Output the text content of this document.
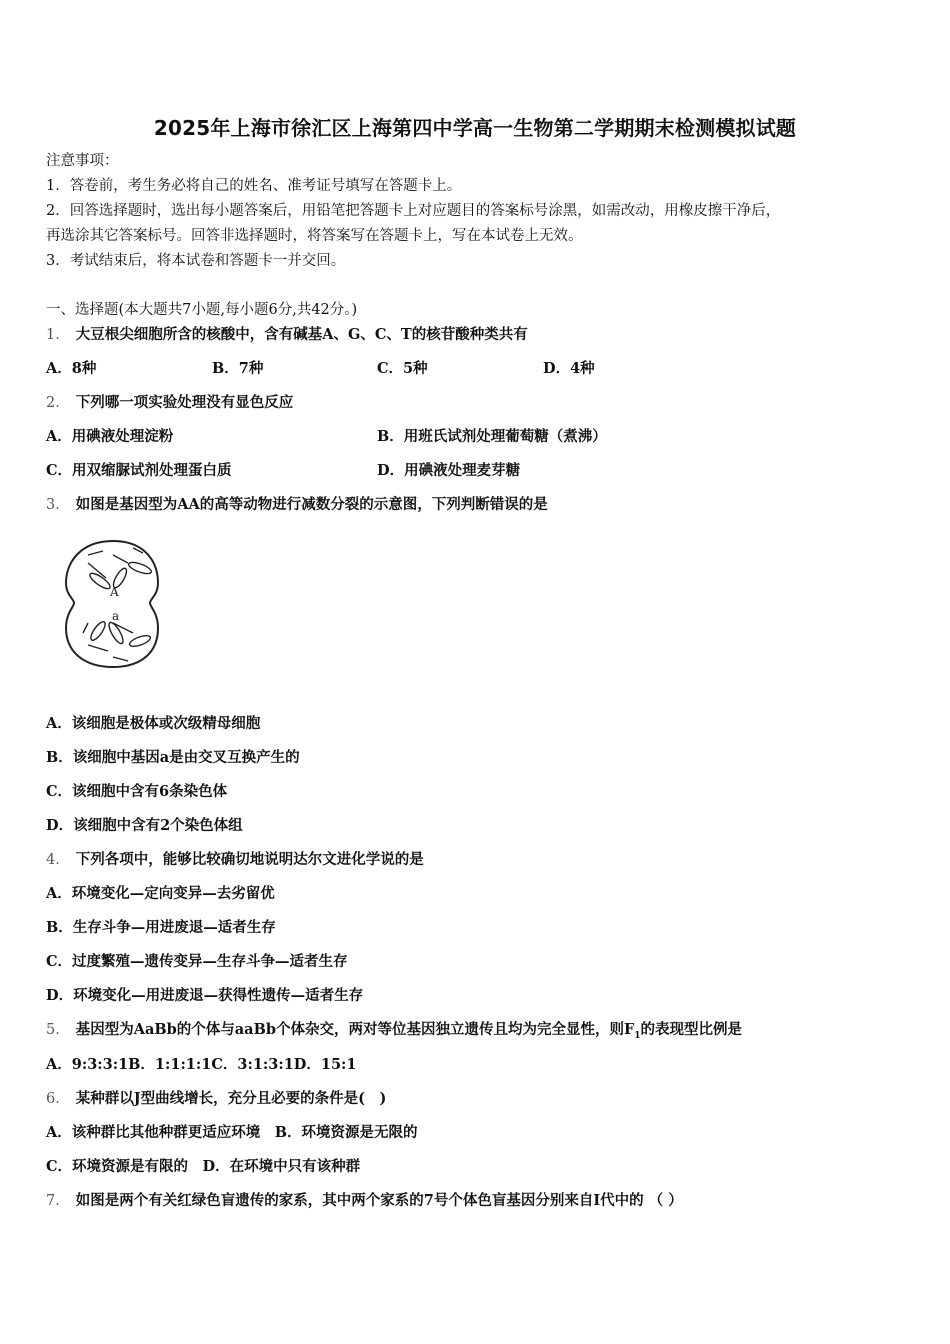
2025年上海市徐汇区上海第四中学高一生物第二学期期末检测模拟试题
注意事项：
1．答卷前，考生务必将自己的姓名、准考证号填写在答题卡上。
2．回答选择题时，选出每小题答案后，用铅笔把答题卡上对应题目的答案标号涂黑，如需改动，用橡皮擦干净后，
再选涂其它答案标号。回答非选择题时，将答案写在答题卡上，写在本试卷上无效。
3．考试结束后，将本试卷和答题卡一并交回。
一、选择题(本大题共7小题,每小题6分,共42分。)
1． 大豆根尖细胞所含的核酸中，含有碱基A、G、C、T的核苷酸种类共有
A．8种	B．7种	C．5种	D．4种
2． 下列哪一项实验处理没有显色反应
A．用碘液处理淀粉	B．用班氏试剂处理葡萄糖（煮沸）
C．用双缩脲试剂处理蛋白质	D．用碘液处理麦芽糖
3． 如图是基因型为AA的高等动物进行减数分裂的示意图，下列判断错误的是
A
a
A．该细胞是极体或次级精母细胞
B．该细胞中基因a是由交叉互换产生的
C．该细胞中含有6条染色体
D．该细胞中含有2个染色体组
4． 下列各项中，能够比较确切地说明达尔文进化学说的是
A．环境变化—定向变异—去劣留优
B．生存斗争—用进废退—适者生存
C．过度繁殖—遗传变异—生存斗争—适者生存
D．环境变化—用进废退—获得性遗传—适者生存
5． 基因型为AaBb的个体与aaBb个体杂交，两对等位基因独立遗传且均为完全显性，则$F_1$的表现型比例是
A．9:3:3:1B．1:1:1:1C．3:1:3:1D．15:1
6． 某种群以J型曲线增长，充分且必要的条件是(　)
A．该种群比其他种群更适应环境　B．环境资源是无限的
C．环境资源是有限的　D．在环境中只有该种群
7． 如图是两个有关红绿色盲遗传的家系，其中两个家系的7号个体色盲基因分别来自I代中的 （ ）
